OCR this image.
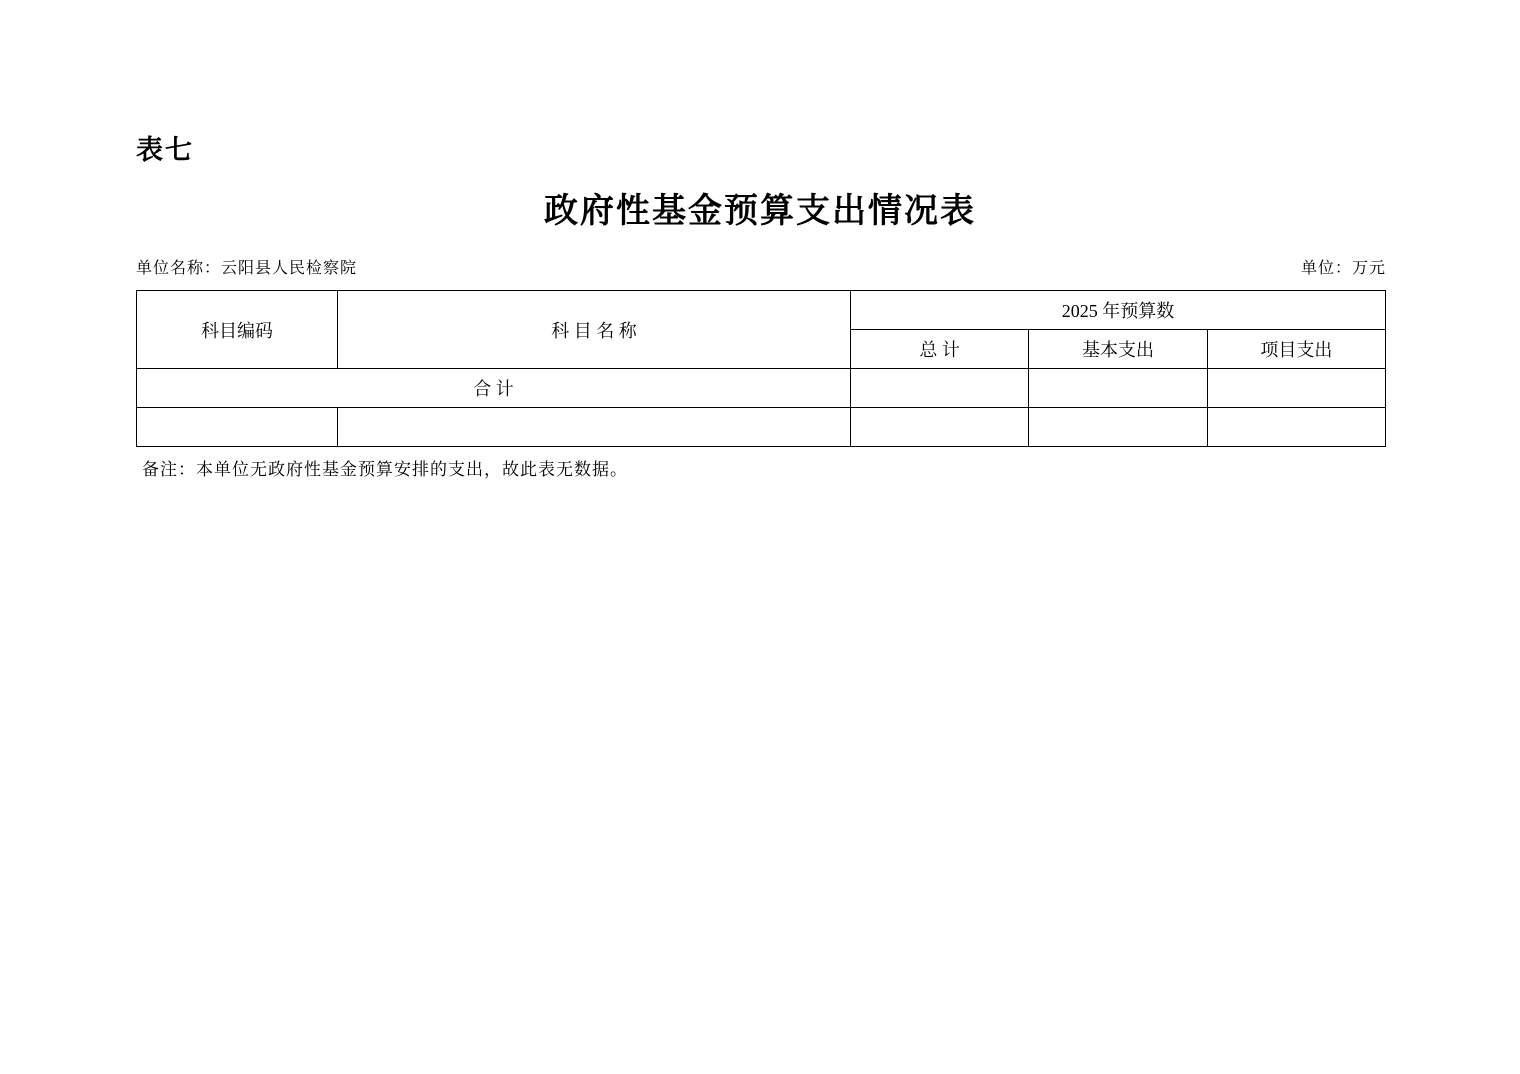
表七
政府性基金预算支出情况表
单位名称：云阳县人民检察院	单位：万元
科目编码	科 目 名 称	2025 年预算数		
		总 计	基本支出	项目支出
合 计				

备注：本单位无政府性基金预算安排的支出，故此表无数据。
